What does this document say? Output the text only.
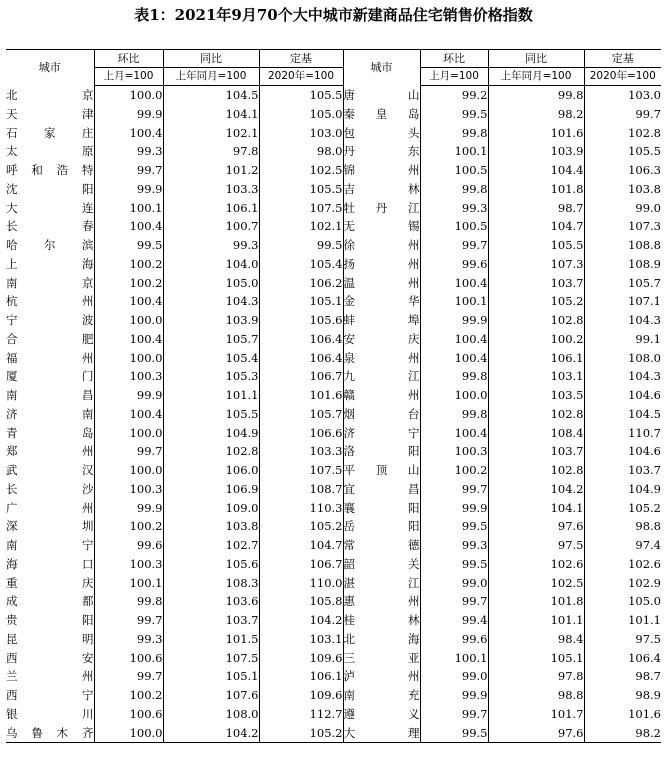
表1：2021年9月70个大中城市新建商品住宅销售价格指数
城市	环比	同比	定基	城市	环比	同比	定基
	上月=100	上年同月=100	2020年=100		上月=100	上年同月=100	2020年=100

北　京	100.0	104.5	105.5	唐　山	99.2	99.8	103.0

天　津	99.9	104.1	105.0	秦皇岛	99.5	98.2	99.7

石家庄	100.4	102.1	103.0	包　头	99.8	101.6	102.8

太　原	99.3	97.8	98.0	丹　东	100.1	103.9	105.5

呼和浩特	99.7	101.2	102.5	锦　州	100.5	104.4	106.3

沈　阳	99.9	103.3	105.5	吉　林	99.8	101.8	103.8

大　连	100.1	106.1	107.5	牡丹江	99.3	98.7	99.0

长　春	100.4	100.7	102.1	无　锡	100.5	104.7	107.3

哈尔滨	99.5	99.3	99.5	徐　州	99.7	105.5	108.8

上　海	100.2	104.0	105.4	扬　州	99.6	107.3	108.9

南　京	100.2	105.0	106.2	温　州	100.4	103.7	105.7

杭　州	100.4	104.3	105.1	金　华	100.1	105.2	107.1

宁　波	100.0	103.9	105.6	蚌　埠	99.9	102.8	104.3

合　肥	100.4	105.7	106.4	安　庆	100.4	100.2	99.1

福　州	100.0	105.4	106.4	泉　州	100.4	106.1	108.0

厦　门	100.3	105.3	106.7	九　江	99.8	103.1	104.3

南　昌	99.9	101.1	101.6	赣　州	100.0	103.5	104.6

济　南	100.4	105.5	105.7	烟　台	99.8	102.8	104.5

青　岛	100.0	104.9	106.6	济　宁	100.4	108.4	110.7

郑　州	99.7	102.8	103.3	洛　阳	100.3	103.7	104.6

武　汉	100.0	106.0	107.5	平顶山	100.2	102.8	103.7

长　沙	100.3	106.9	108.7	宜　昌	99.7	104.2	104.9

广　州	99.9	109.0	110.3	襄　阳	99.9	104.1	105.2

深　圳	100.2	103.8	105.2	岳　阳	99.5	97.6	98.8

南　宁	99.6	102.7	104.7	常　德	99.3	97.5	97.4

海　口	100.3	105.6	106.7	韶　关	99.5	102.6	102.6

重　庆	100.1	108.3	110.0	湛　江	99.0	102.5	102.9

成　都	99.8	103.6	105.8	惠　州	99.7	101.8	105.0

贵　阳	99.7	103.7	104.2	桂　林	99.4	101.1	101.1

昆　明	99.3	101.5	103.1	北　海	99.6	98.4	97.5

西　安	100.6	107.5	109.6	三　亚	100.1	105.1	106.4

兰　州	99.7	105.1	106.1	泸　州	99.0	97.8	98.7

西　宁	100.2	107.6	109.6	南　充	99.9	98.8	98.9

银　川	100.6	108.0	112.7	遵　义	99.7	101.7	101.6

乌鲁木齐	100.0	104.2	105.2	大　理	99.5	97.6	98.2
